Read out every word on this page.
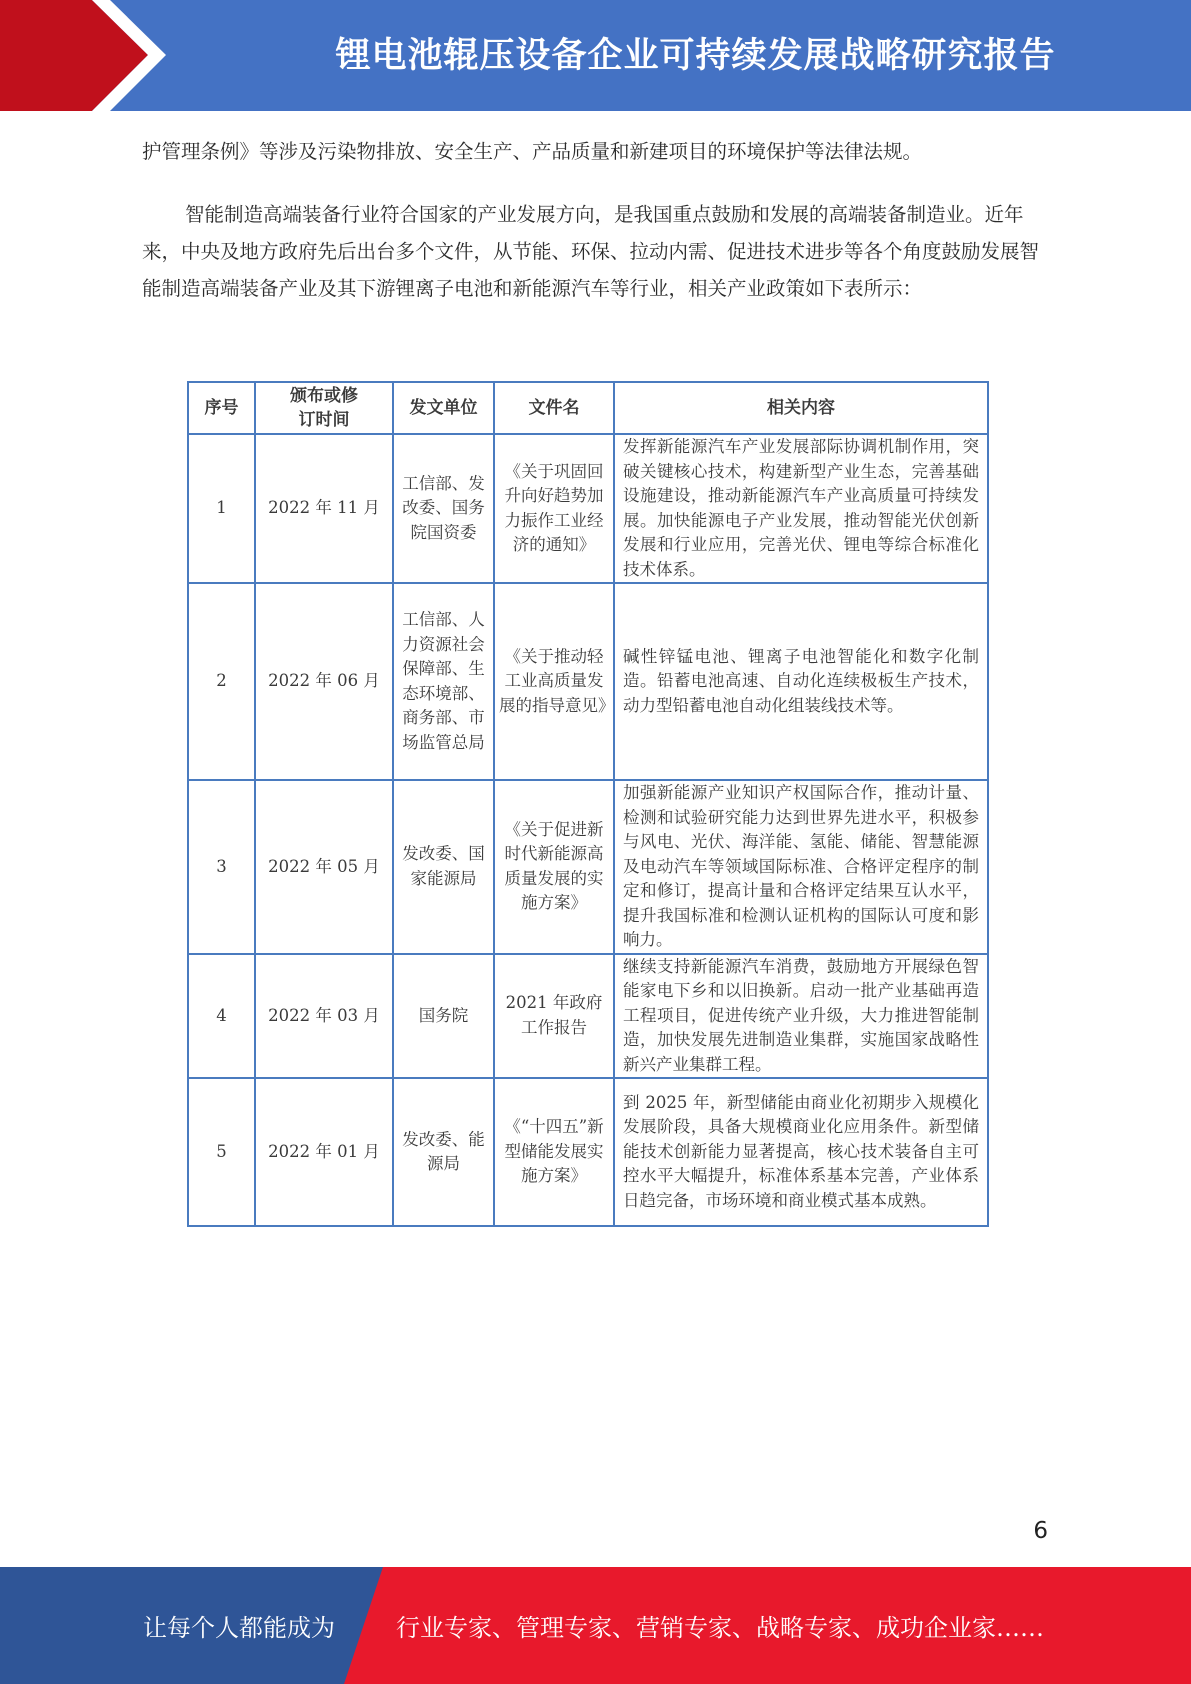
锂电池辊压设备企业可持续发展战略研究报告

护管理条例》等涉及污染物排放、安全生产、产品质量和新建项目的环境保护等法律法规。

智能制造高端装备行业符合国家的产业发展方向，是我国重点鼓励和发展的高端装备制造业。近年来，中央及地方政府先后出台多个文件，从节能、环保、拉动内需、促进技术进步等各个角度鼓励发展智能制造高端装备产业及其下游锂离子电池和新能源汽车等行业，相关产业政策如下表所示：

序号	颁布或修订时间	发文单位	文件名	相关内容
1	2022 年 11 月	工信部、发改委、国务院国资委	《关于巩固回升向好趋势加力振作工业经济的通知》	发挥新能源汽车产业发展部际协调机制作用，突破关键核心技术，构建新型产业生态，完善基础设施建设，推动新能源汽车产业高质量可持续发展。加快能源电子产业发展，推动智能光伏创新发展和行业应用，完善光伏、锂电等综合标准化技术体系。
2	2022 年 06 月	工信部、人力资源社会保障部、生态环境部、商务部、市场监管总局	《关于推动轻工业高质量发展的指导意见》	碱性锌锰电池、锂离子电池智能化和数字化制造。铅蓄电池高速、自动化连续极板生产技术，动力型铅蓄电池自动化组装线技术等。
3	2022 年 05 月	发改委、国家能源局	《关于促进新时代新能源高质量发展的实施方案》	加强新能源产业知识产权国际合作，推动计量、检测和试验研究能力达到世界先进水平，积极参与风电、光伏、海洋能、氢能、储能、智慧能源及电动汽车等领域国际标准、合格评定程序的制定和修订，提高计量和合格评定结果互认水平，提升我国标准和检测认证机构的国际认可度和影响力。
4	2022 年 03 月	国务院	2021 年政府工作报告	继续支持新能源汽车消费，鼓励地方开展绿色智能家电下乡和以旧换新。启动一批产业基础再造工程项目，促进传统产业升级，大力推进智能制造，加快发展先进制造业集群，实施国家战略性新兴产业集群工程。
5	2022 年 01 月	发改委、能源局	《“十四五”新型储能发展实施方案》	到 2025 年，新型储能由商业化初期步入规模化发展阶段，具备大规模商业化应用条件。新型储能技术创新能力显著提高，核心技术装备自主可控水平大幅提升，标准体系基本完善，产业体系日趋完备，市场环境和商业模式基本成熟。
6
让每个人都能成为	行业专家、管理专家、营销专家、战略专家、成功企业家……
